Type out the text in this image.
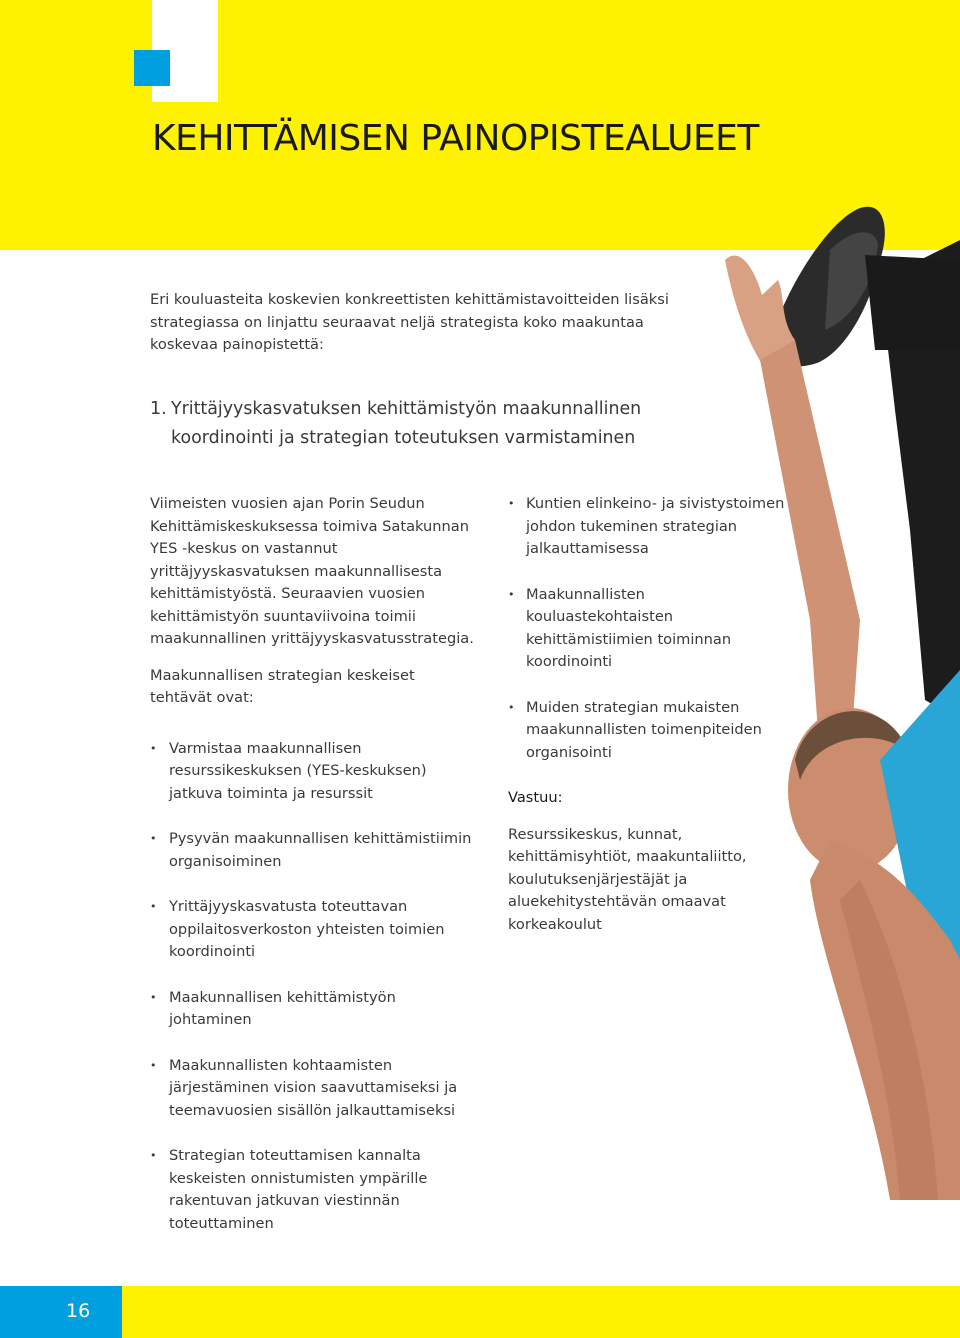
KEHITTÄMISEN PAINOPISTEALUEET

Eri kouluasteita koskevien konkreettisten kehittämistavoitteiden lisäksi strategiassa on linjattu seuraavat neljä strategista koko maakuntaa koskevaa painopistettä:

1. Yrittäjyyskasvatuksen kehittämistyön maakunnallinen koordinointi ja strategian toteutuksen varmistaminen

Viimeisten vuosien ajan Porin Seudun Kehittämiskeskuksessa toimiva Satakunnan YES -keskus on vastannut yrittäjyyskasvatuksen maakunnallisesta kehittämistyöstä. Seuraavien vuosien kehittämistyön suuntaviivoina toimii maakunnallinen yrittäjyyskasvatusstrategia.

Maakunnallisen strategian keskeiset tehtävät ovat:

• Varmistaa maakunnallisen resurssikeskuksen (YES-keskuksen) jatkuva toiminta ja resurssit
• Pysyvän maakunnallisen kehittämistiimin organisoiminen
• Yrittäjyyskasvatusta toteuttavan oppilaitosverkoston yhteisten toimien koordinointi
• Maakunnallisen kehittämistyön johtaminen
• Maakunnallisten kohtaamisten järjestäminen vision saavuttamiseksi ja teemavuosien sisällön jalkauttamiseksi
• Strategian toteuttamisen kannalta keskeisten onnistumisten ympärille rakentuvan jatkuvan viestinnän toteuttaminen
• Kuntien elinkeino- ja sivistystoimen johdon tukeminen strategian jalkauttamisessa
• Maakunnallisten kouluastekohtaisten kehittämistiimien toiminnan koordinointi
• Muiden strategian mukaisten maakunnallisten toimenpiteiden organisointi

Vastuu:

Resurssikeskus, kunnat, kehittämisyhtiöt, maakuntaliitto, koulutuksenjärjestäjät ja aluekehitystehtävän omaavat korkeakoulut

16
